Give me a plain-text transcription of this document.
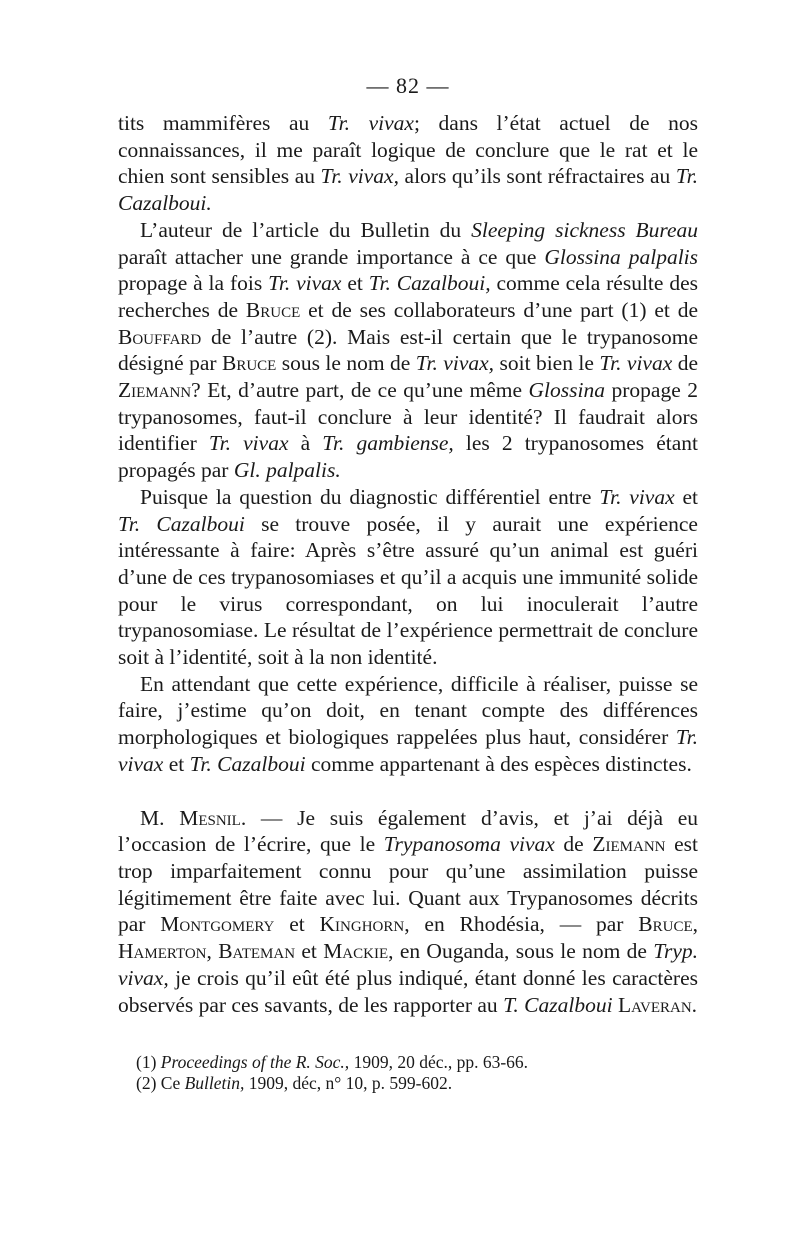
— 82 —

tits mammifères au Tr. vivax; dans l’état actuel de nos connaissances, il me paraît logique de conclure que le rat et le chien sont sensibles au Tr. vivax, alors qu’ils sont réfractaires au Tr. Cazalboui.

L’auteur de l’article du Bulletin du Sleeping sickness Bureau paraît attacher une grande importance à ce que Glossina palpalis propage à la fois Tr. vivax et Tr. Cazalboui, comme cela résulte des recherches de Bruce et de ses collaborateurs d’une part (1) et de Bouffard de l’autre (2). Mais est-il certain que le trypanosome désigné par Bruce sous le nom de Tr. vivax, soit bien le Tr. vivax de Ziemann? Et, d’autre part, de ce qu’une même Glossina propage 2 trypanosomes, faut-il conclure à leur identité? Il faudrait alors identifier Tr. vivax à Tr. gambiense, les 2 trypanosomes étant propagés par Gl. palpalis.

Puisque la question du diagnostic différentiel entre Tr. vivax et Tr. Cazalboui se trouve posée, il y aurait une expérience intéressante à faire: Après s’être assuré qu’un animal est guéri d’une de ces trypanosomiases et qu’il a acquis une immunité solide pour le virus correspondant, on lui inoculerait l’autre trypanosomiase. Le résultat de l’expérience permettrait de conclure soit à l’identité, soit à la non identité.

En attendant que cette expérience, difficile à réaliser, puisse se faire, j’estime qu’on doit, en tenant compte des différences morphologiques et biologiques rappelées plus haut, considérer Tr. vivax et Tr. Cazalboui comme appartenant à des espèces distinctes.

M. Mesnil. — Je suis également d’avis, et j’ai déjà eu l’occasion de l’écrire, que le Trypanosoma vivax de Ziemann est trop imparfaitement connu pour qu’une assimilation puisse légitimement être faite avec lui. Quant aux Trypanosomes décrits par Montgomery et Kinghorn, en Rhodésia, — par Bruce, Hamerton, Bateman et Mackie, en Ouganda, sous le nom de Tryp. vivax, je crois qu’il eût été plus indiqué, étant donné les caractères observés par ces savants, de les rapporter au T. Cazalboui Laveran.

(1) Proceedings of the R. Soc., 1909, 20 déc., pp. 63-66.

(2) Ce Bulletin, 1909, déc, n° 10, p. 599-602.
